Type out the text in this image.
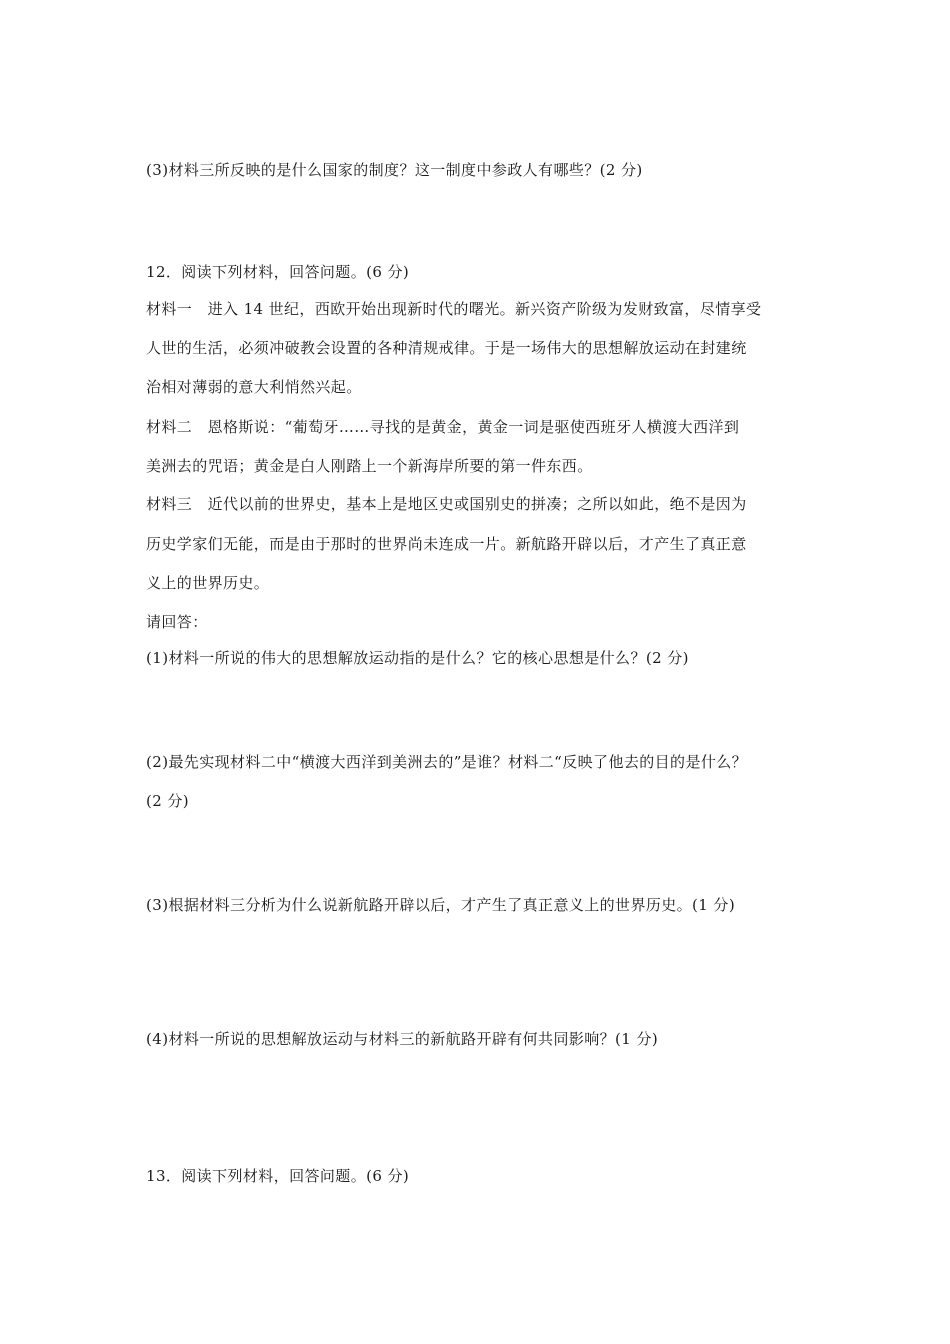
(3)材料三所反映的是什么国家的制度？这一制度中参政人有哪些？(2 分)
12．阅读下列材料，回答问题。(6 分)
材料一　进入 14 世纪，西欧开始出现新时代的曙光。新兴资产阶级为发财致富，尽情享受
人世的生活，必须冲破教会设置的各种清规戒律。于是一场伟大的思想解放运动在封建统
治相对薄弱的意大利悄然兴起。
材料二　恩格斯说：“葡萄牙……寻找的是黄金，黄金一词是驱使西班牙人横渡大西洋到
美洲去的咒语；黄金是白人刚踏上一个新海岸所要的第一件东西。
材料三　近代以前的世界史，基本上是地区史或国别史的拼凑；之所以如此，绝不是因为
历史学家们无能，而是由于那时的世界尚未连成一片。新航路开辟以后，才产生了真正意
义上的世界历史。
请回答：
(1)材料一所说的伟大的思想解放运动指的是什么？它的核心思想是什么？(2 分)
(2)最先实现材料二中“横渡大西洋到美洲去的”是谁？材料二“反映了他去的目的是什么？
(2 分)
(3)根据材料三分析为什么说新航路开辟以后，才产生了真正意义上的世界历史。(1 分)
(4)材料一所说的思想解放运动与材料三的新航路开辟有何共同影响？(1 分)
13．阅读下列材料，回答问题。(6 分)
